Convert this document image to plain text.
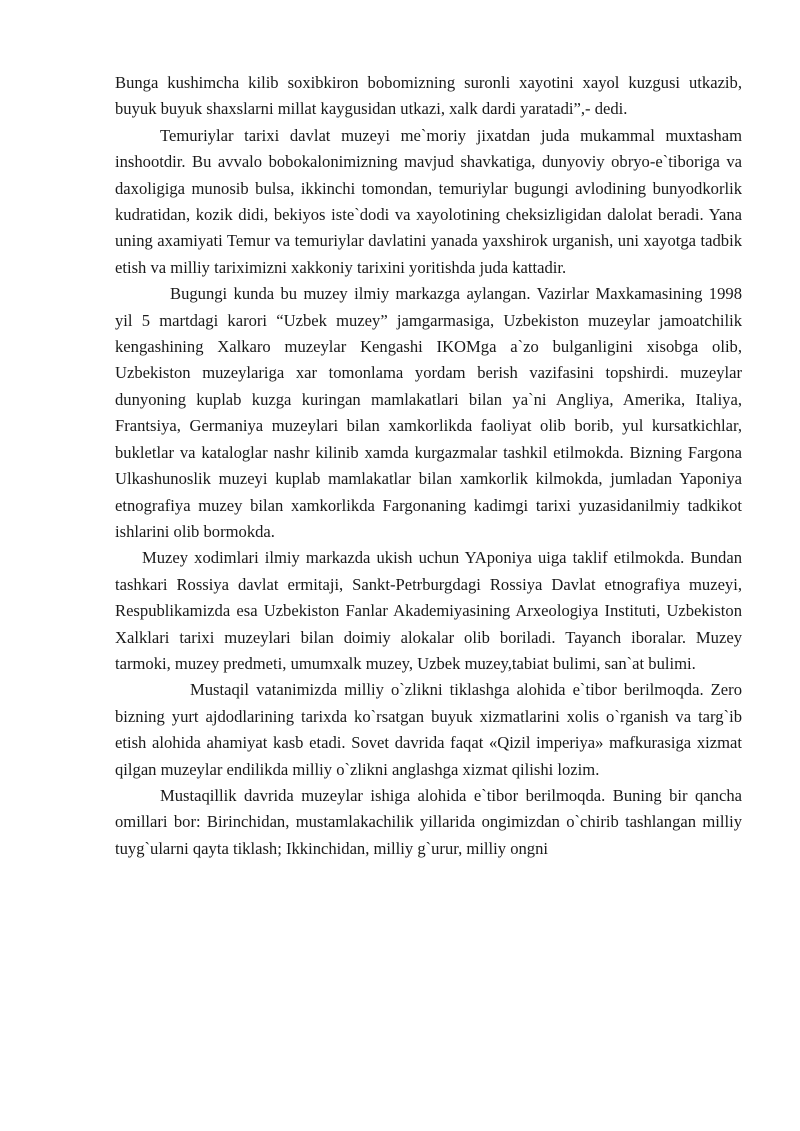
Bunga kushimcha kilib soxibkiron bobomizning suronli xayotini xayol kuzgusi utkazib, buyuk buyuk shaxslarni millat kaygusidan utkazi, xalk dardi yaratadi”,- dedi.

Temuriylar tarixi davlat muzeyi me`moriy jixatdan juda mukammal muxtasham inshootdir. Bu avvalo bobokalonimizning mavjud shavkatiga, dunyoviy obryo-e`tiboriga va daxoligiga munosib bulsa, ikkinchi tomondan, temuriylar bugungi avlodining bunyodkorlik kudratidan, kozik didi, bekiyos iste`dodi va xayolotining cheksizligidan dalolat beradi. Yana uning axamiyati Temur va temuriylar davlatini yanada yaxshirok urganish, uni xayotga tadbik etish va milliy tariximizni xakkoniy tarixini yoritishda juda kattadir.

Bugungi kunda bu muzey ilmiy markazga aylangan. Vazirlar Maxkamasining 1998 yil 5 martdagi karori “Uzbek muzey” jamgarmasiga, Uzbekiston muzeylar jamoatchilik kengashining Xalkaro muzeylar Kengashi IKOMga a`zo bulganligini xisobga olib, Uzbekiston muzeylariga xar tomonlama yordam berish vazifasini topshirdi. muzeylar dunyoning kuplab kuzga kuringan mamlakatlari bilan ya`ni Angliya, Amerika, Italiya, Frantsiya, Germaniya muzeylari bilan xamkorlikda faoliyat olib borib, yul kursatkichlar, bukletlar va kataloglar nashr kilinib xamda kurgazmalar tashkil etilmokda. Bizning Fargona Ulkashunoslik muzeyi kuplab mamlakatlar bilan xamkorlik kilmokda, jumladan Yaponiya etnografiya muzey bilan xamkorlikda Fargonaning kadimgi tarixi yuzasidanilmiy tadkikot ishlarini olib bormokda.

Muzey xodimlari ilmiy markazda ukish uchun YAponiya uiga taklif etilmokda. Bundan tashkari Rossiya davlat ermitaji, Sankt-Petrburgdagi Rossiya Davlat etnografiya muzeyi, Respublikamizda esa Uzbekiston Fanlar Akademiyasining Arxeologiya Instituti, Uzbekiston Xalklari tarixi muzeylari bilan doimiy alokalar olib boriladi. Tayanch iboralar. Muzey tarmoki, muzey predmeti, umumxalk muzey, Uzbek muzey,tabiat bulimi, san`at bulimi.

Mustaqil vatanimizda milliy o`zlikni tiklashga alohida e`tibor berilmoqda. Zero bizning yurt ajdodlarining tarixda ko`rsatgan buyuk xizmatlarini xolis o`rganish va targ`ib etish alohida ahamiyat kasb etadi. Sovet davrida faqat «Qizil imperiya» mafkurasiga xizmat qilgan muzeylar endilikda milliy o`zlikni anglashga xizmat qilishi lozim.

Mustaqillik davrida muzeylar ishiga alohida e`tibor berilmoqda. Buning bir qancha omillari bor: Birinchidan, mustamlakachilik yillarida ongimizdan o`chirib tashlangan milliy tuyg`ularni qayta tiklash; Ikkinchidan, milliy g`urur, milliy ongni
